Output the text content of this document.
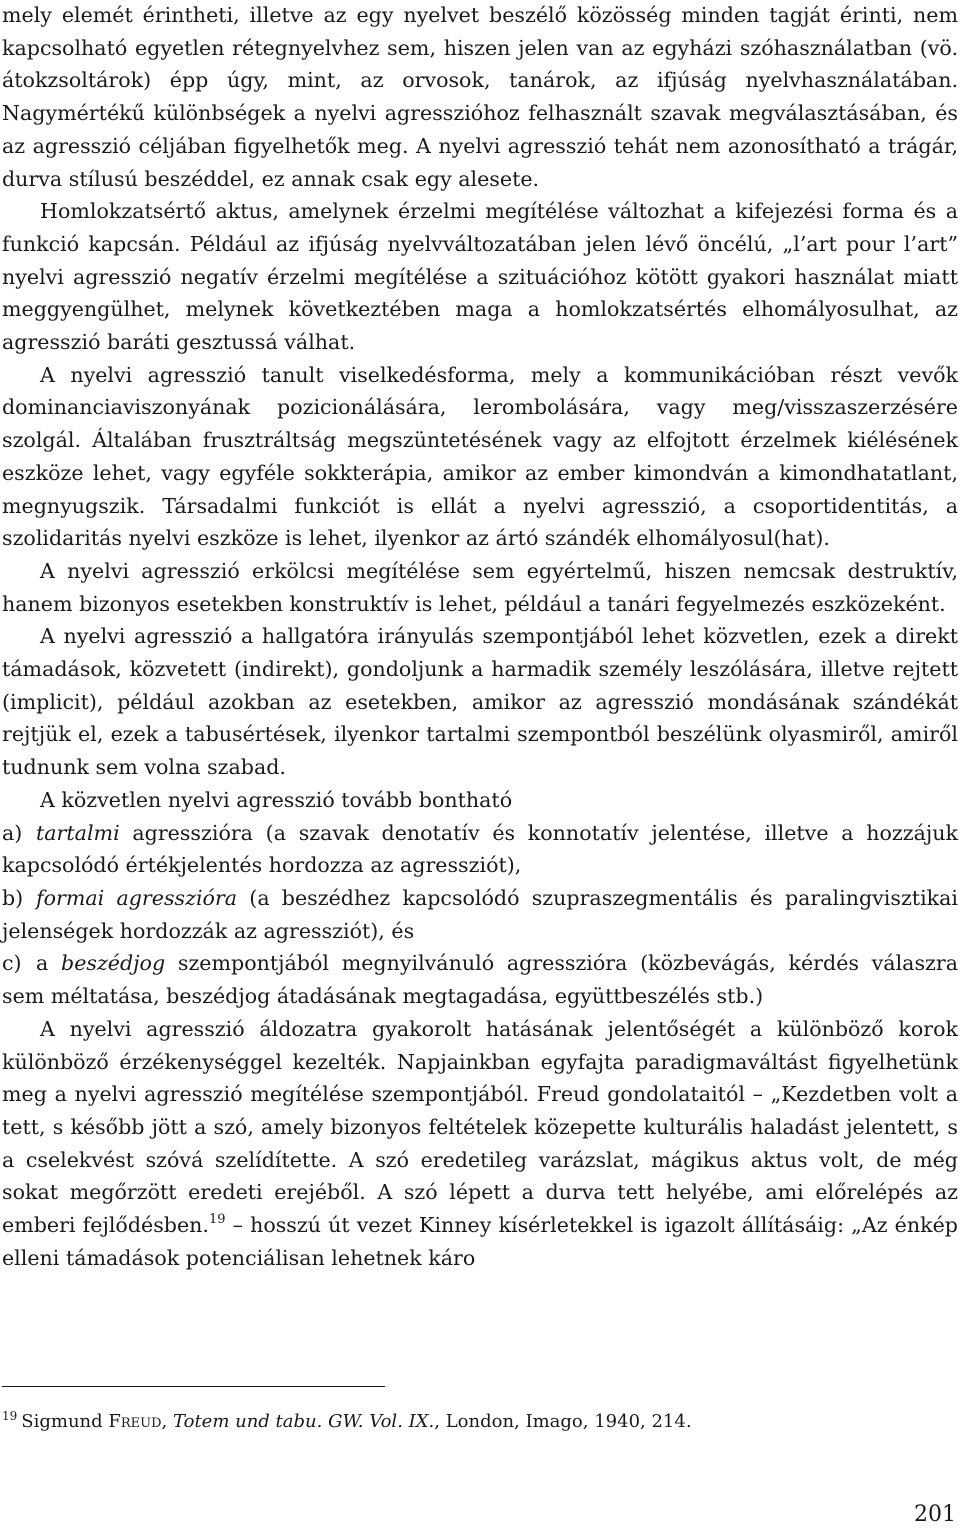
mely elemét érintheti, illetve az egy nyelvet beszélő közösség minden tagját érinti, nem kapcsolható egyetlen rétegnyelvhez sem, hiszen jelen van az egyházi szóhasználatban (vö. átokzsoltárok) épp úgy, mint, az orvosok, tanárok, az ifjúság nyelvhasználatában. Nagymértékű különbségek a nyelvi agresszióhoz felhasznált szavak megválasztásában, és az agresszió céljában figyelhetők meg. A nyelvi agresszió tehát nem azonosítható a trágár, durva stílusú beszéddel, ez annak csak egy alesete.

Homlokzatsértő aktus, amelynek érzelmi megítélése változhat a kifejezési forma és a funkció kapcsán. Például az ifjúság nyelvváltozatában jelen lévő öncélú, „l’art pour l’art” nyelvi agresszió negatív érzelmi megítélése a szituációhoz kötött gyakori használat miatt meggyengülhet, melynek következtében maga a homlokzatsértés elhomályosulhat, az agresszió baráti gesztussá válhat.

A nyelvi agresszió tanult viselkedésforma, mely a kommunikációban részt vevők dominanciaviszonyának pozicionálására, lerombolására, vagy meg/visszaszerzésére szolgál. Általában frusztráltság megszüntetésének vagy az elfojtott érzelmek kiélésének eszköze lehet, vagy egyféle sokkterápia, amikor az ember kimondván a kimondhatatlant, megnyugszik. Társadalmi funkciót is ellát a nyelvi agresszió, a csoportidentitás, a szolidaritás nyelvi eszköze is lehet, ilyenkor az ártó szándék elhomályosul(hat).

A nyelvi agresszió erkölcsi megítélése sem egyértelmű, hiszen nemcsak destruktív, hanem bizonyos esetekben konstruktív is lehet, például a tanári fegyelmezés eszközeként.

A nyelvi agresszió a hallgatóra irányulás szempontjából lehet közvetlen, ezek a direkt támadások, közvetett (indirekt), gondoljunk a harmadik személy leszólására, illetve rejtett (implicit), például azokban az esetekben, amikor az agresszió mondásának szándékát rejtjük el, ezek a tabusértések, ilyenkor tartalmi szempontból beszélünk olyasmiről, amiről tudnunk sem volna szabad.

A közvetlen nyelvi agresszió tovább bontható

a) tartalmi agresszióra (a szavak denotatív és konnotatív jelentése, illetve a hozzájuk kapcsolódó értékjelentés hordozza az agressziót),

b) formai agresszióra (a beszédhez kapcsolódó szupraszegmentális és paralingvisztikai jelenségek hordozzák az agressziót), és

c) a beszédjog szempontjából megnyilvánuló agresszióra (közbevágás, kérdés válaszra sem méltatása, beszédjog átadásának megtagadása, együttbeszélés stb.)

A nyelvi agresszió áldozatra gyakorolt hatásának jelentőségét a különböző korok különböző érzékenységgel kezelték. Napjainkban egyfajta paradigmaváltást figyelhetünk meg a nyelvi agresszió megítélése szempontjából. Freud gondolataitól – „Kezdetben volt a tett, s később jött a szó, amely bizonyos feltételek közepette kulturális haladást jelentett, s a cselekvést szóvá szelídítette. A szó eredetileg varázslat, mágikus aktus volt, de még sokat megőrzött eredeti erejéből. A szó lépett a durva tett helyébe, ami előrelépés az emberi fejlődésben.$^{19}$ – hosszú út vezet Kinney kísérletekkel is igazolt állításáig: „Az énkép elleni támadások potenciálisan lehetnek káro

$^{19}$ Sigmund Freud, Totem und tabu. GW. Vol. IX., London, Imago, 1940, 214.
201
